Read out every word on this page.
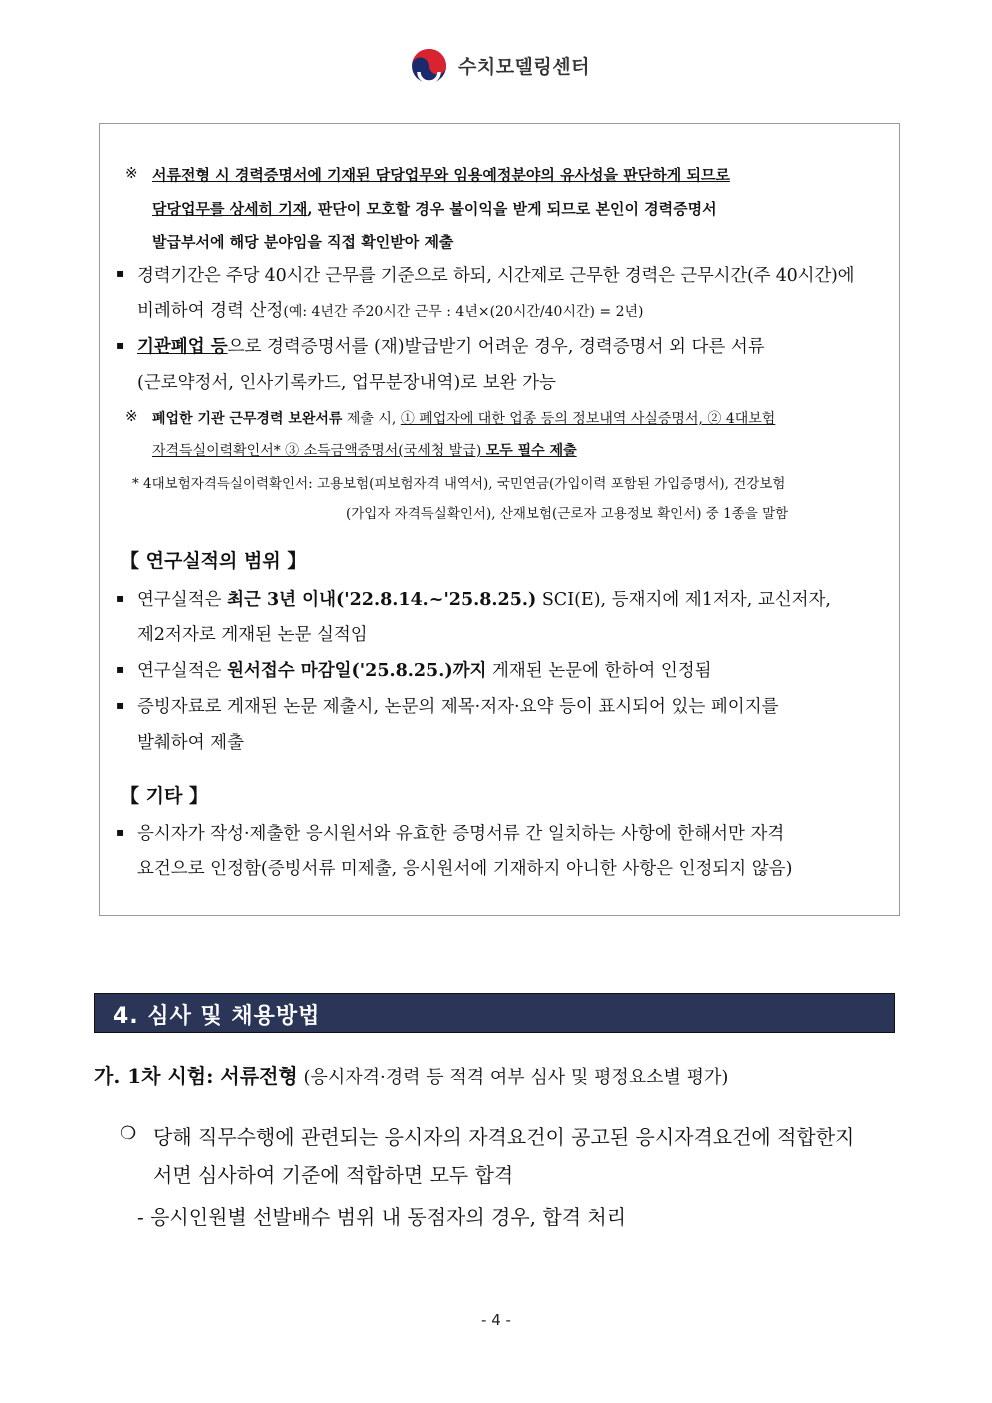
수치모델링센터
※ 서류전형 시 경력증명서에 기재된 담당업무와 임용예정분야의 유사성을 판단하게 되므로
담당업무를 상세히 기재, 판단이 모호할 경우 불이익을 받게 되므로 본인이 경력증명서
발급부서에 해당 분야임을 직접 확인받아 제출
▪ 경력기간은 주당 40시간 근무를 기준으로 하되, 시간제로 근무한 경력은 근무시간(주 40시간)에
비례하여 경력 산정(예: 4년간 주20시간 근무 : 4년×(20시간/40시간) = 2년)
▪ 기관폐업 등으로 경력증명서를 (재)발급받기 어려운 경우, 경력증명서 외 다른 서류
(근로약정서, 인사기록카드, 업무분장내역)로 보완 가능
※ 폐업한 기관 근무경력 보완서류 제출 시, ① 폐업자에 대한 업종 등의 정보내역 사실증명서, ② 4대보험
자격득실이력확인서* ③ 소득금액증명서(국세청 발급) 모두 필수 제출
* 4대보험자격득실이력확인서: 고용보험(피보험자격 내역서), 국민연금(가입이력 포함된 가입증명서), 건강보험
(가입자 자격득실확인서), 산재보험(근로자 고용정보 확인서) 중 1종을 말함
【 연구실적의 범위 】
▪ 연구실적은 최근 3년 이내('22.8.14.~'25.8.25.) SCI(E), 등재지에 제1저자, 교신저자,
제2저자로 게재된 논문 실적임
▪ 연구실적은 원서접수 마감일('25.8.25.)까지 게재된 논문에 한하여 인정됨
▪ 증빙자료로 게재된 논문 제출시, 논문의 제목·저자·요약 등이 표시되어 있는 페이지를
발췌하여 제출
【 기타 】
▪ 응시자가 작성·제출한 응시원서와 유효한 증명서류 간 일치하는 사항에 한해서만 자격
요건으로 인정함(증빙서류 미제출, 응시원서에 기재하지 아니한 사항은 인정되지 않음)
4. 심사 및 채용방법
가. 1차 시험: 서류전형 (응시자격·경력 등 적격 여부 심사 및 평정요소별 평가)
❍ 당해 직무수행에 관련되는 응시자의 자격요건이 공고된 응시자격요건에 적합한지
서면 심사하여 기준에 적합하면 모두 합격
- 응시인원별 선발배수 범위 내 동점자의 경우, 합격 처리
- 4 -
